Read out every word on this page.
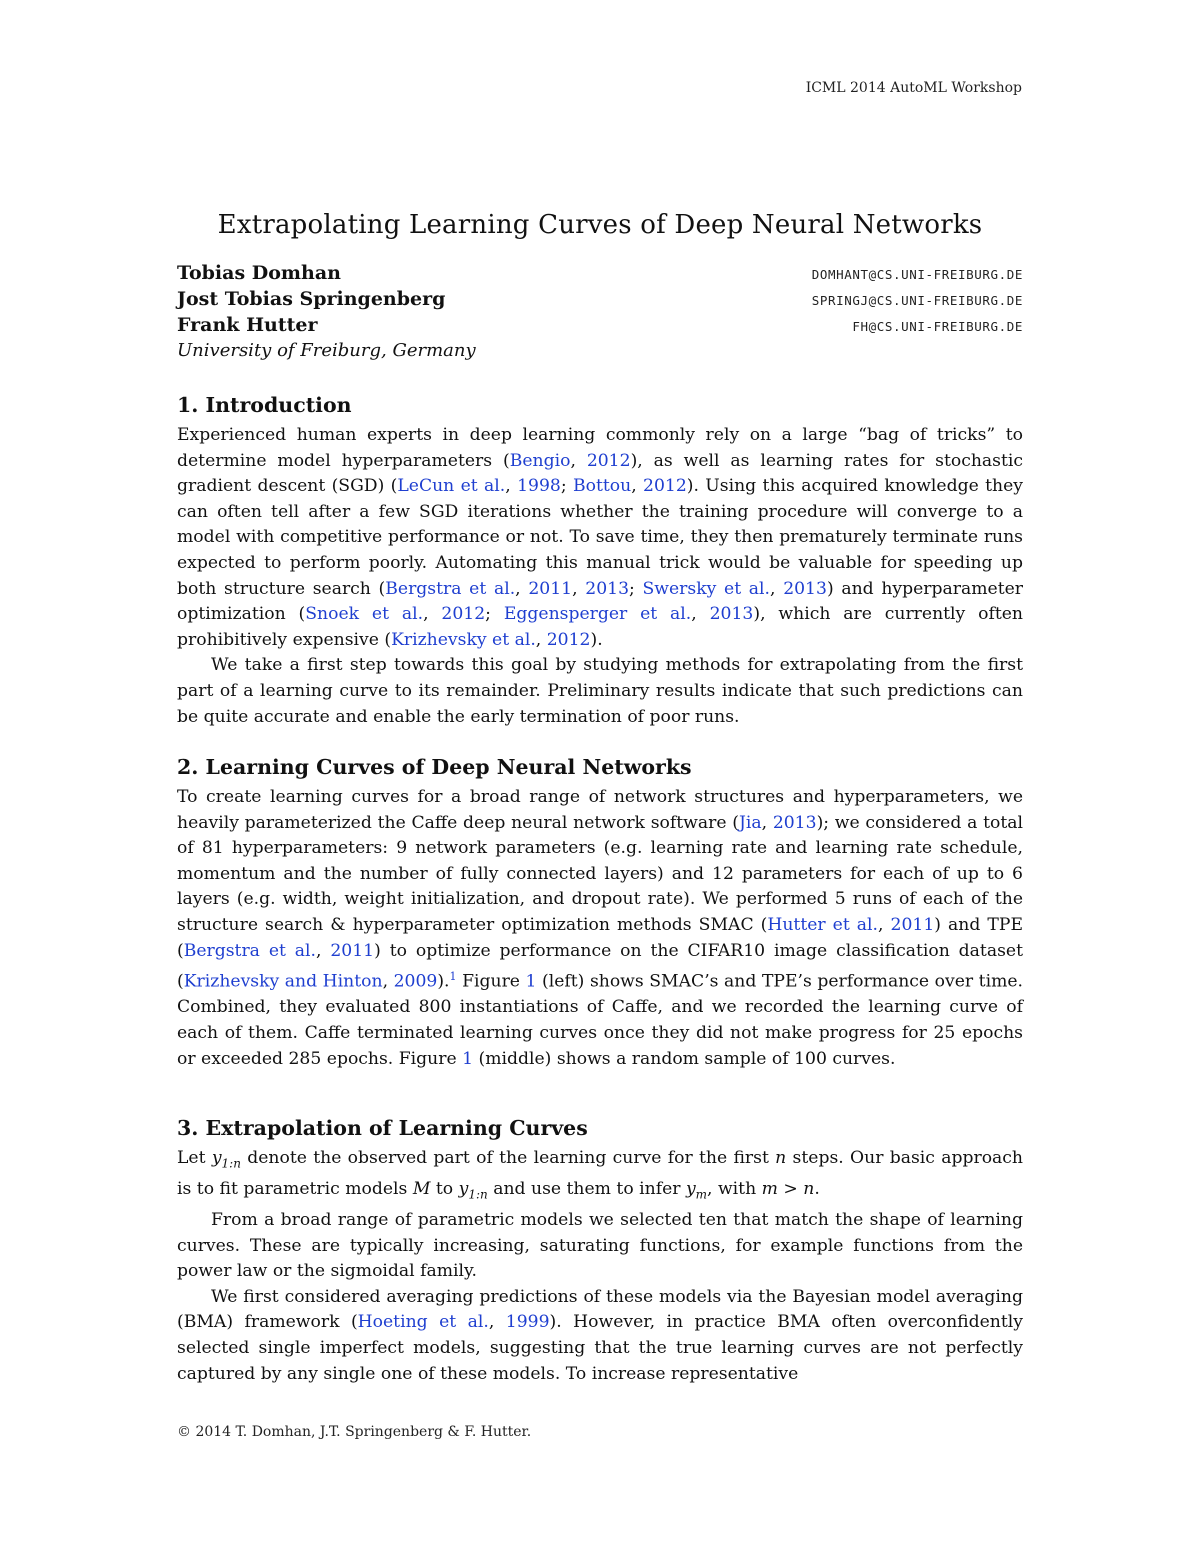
ICML 2014 AutoML Workshop
Extrapolating Learning Curves of Deep Neural Networks
Tobias Domhan	DOMHANT@CS.UNI-FREIBURG.DE
Jost Tobias Springenberg	SPRINGJ@CS.UNI-FREIBURG.DE
Frank Hutter	FH@CS.UNI-FREIBURG.DE
University of Freiburg, Germany
1. Introduction

Experienced human experts in deep learning commonly rely on a large “bag of tricks” to determine model hyperparameters (Bengio, 2012), as well as learning rates for stochastic gradient descent (SGD) (LeCun et al., 1998; Bottou, 2012). Using this acquired knowledge they can often tell after a few SGD iterations whether the training procedure will converge to a model with competitive performance or not. To save time, they then prematurely terminate runs expected to perform poorly. Automating this manual trick would be valuable for speeding up both structure search (Bergstra et al., 2011, 2013; Swersky et al., 2013) and hyperparameter optimization (Snoek et al., 2012; Eggensperger et al., 2013), which are currently often prohibitively expensive (Krizhevsky et al., 2012).

We take a first step towards this goal by studying methods for extrapolating from the first part of a learning curve to its remainder. Preliminary results indicate that such predictions can be quite accurate and enable the early termination of poor runs.

2. Learning Curves of Deep Neural Networks

To create learning curves for a broad range of network structures and hyperparameters, we heavily parameterized the Caffe deep neural network software (Jia, 2013); we considered a total of 81 hyperparameters: 9 network parameters (e.g. learning rate and learning rate schedule, momentum and the number of fully connected layers) and 12 parameters for each of up to 6 layers (e.g. width, weight initialization, and dropout rate). We performed 5 runs of each of the structure search & hyperparameter optimization methods SMAC (Hutter et al., 2011) and TPE (Bergstra et al., 2011) to optimize performance on the CIFAR10 image classification dataset (Krizhevsky and Hinton, 2009).$^1$ Figure 1 (left) shows SMAC’s and TPE’s performance over time. Combined, they evaluated 800 instantiations of Caffe, and we recorded the learning curve of each of them. Caffe terminated learning curves once they did not make progress for 25 epochs or exceeded 285 epochs. Figure 1 (middle) shows a random sample of 100 curves.

3. Extrapolation of Learning Curves

Let $y_{1:n}$ denote the observed part of the learning curve for the first n steps. Our basic approach is to fit parametric models M to $y_{1:n}$ and use them to infer $y_m$, with m > n.

From a broad range of parametric models we selected ten that match the shape of learning curves. These are typically increasing, saturating functions, for example functions from the power law or the sigmoidal family.

We first considered averaging predictions of these models via the Bayesian model averaging (BMA) framework (Hoeting et al., 1999). However, in practice BMA often overconfidently selected single imperfect models, suggesting that the true learning curves are not perfectly captured by any single one of these models. To increase representative

© 2014 T. Domhan, J.T. Springenberg & F. Hutter.
